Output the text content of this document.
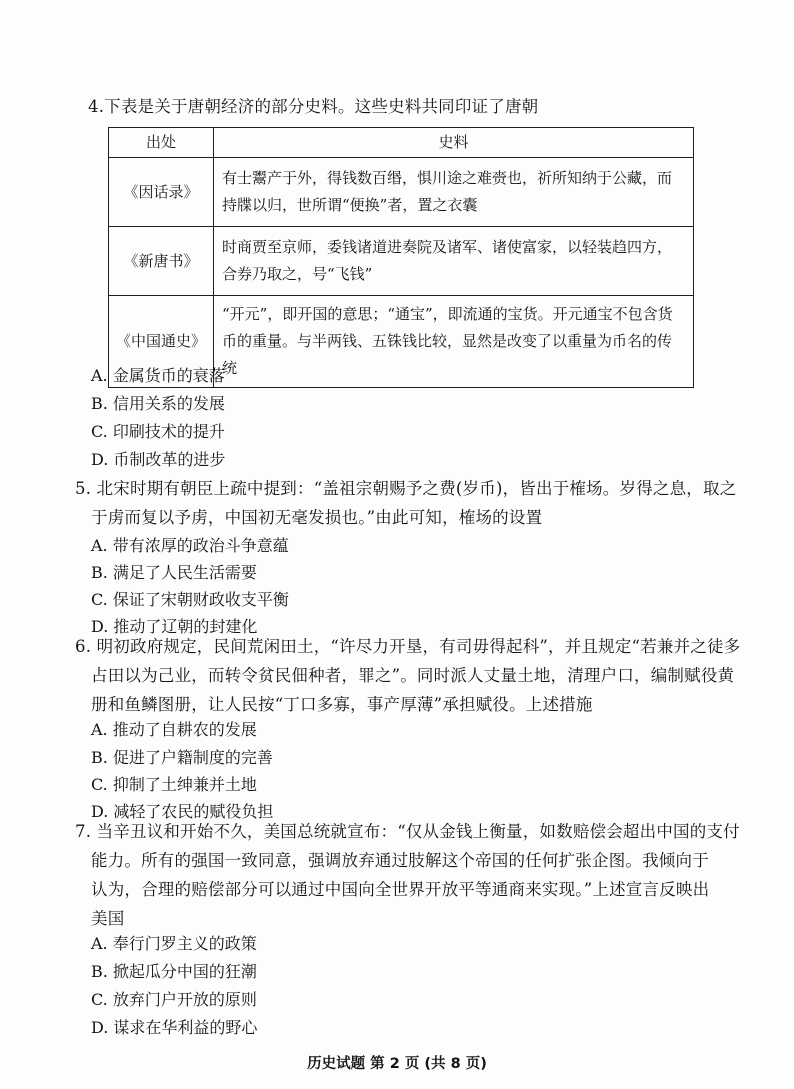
4.下表是关于唐朝经济的部分史料。这些史料共同印证了唐朝
出处	史料
《因话录》	有士鬻产于外，得钱数百缗，惧川途之难赍也，祈所知纳于公藏，而持牒以归，世所谓“便换”者，置之衣囊
《新唐书》	时商贾至京师，委钱诸道进奏院及诸军、诸使富家，以轻装趋四方，合券乃取之，号“飞钱”
《中国通史》	“开元”，即开国的意思；“通宝”，即流通的宝货。开元通宝不包含货币的重量。与半两钱、五铢钱比较，显然是改变了以重量为币名的传统
A. 金属货币的衰落
B. 信用关系的发展
C. 印刷技术的提升
D. 币制改革的进步
5. 北宋时期有朝臣上疏中提到：“盖祖宗朝赐予之费(岁币)，皆出于榷场。岁得之息，取之
于虏而复以予虏，中国初无毫发损也。”由此可知，榷场的设置
A. 带有浓厚的政治斗争意蕴
B. 满足了人民生活需要
C. 保证了宋朝财政收支平衡
D. 推动了辽朝的封建化
6. 明初政府规定，民间荒闲田土，“许尽力开垦，有司毋得起科”，并且规定“若兼并之徒多
占田以为己业，而转令贫民佃种者，罪之”。同时派人丈量土地，清理户口，编制赋役黄
册和鱼鳞图册，让人民按“丁口多寡，事产厚薄”承担赋役。上述措施
A. 推动了自耕农的发展
B. 促进了户籍制度的完善
C. 抑制了土绅兼并土地
D. 减轻了农民的赋役负担
7. 当辛丑议和开始不久，美国总统就宣布：“仅从金钱上衡量，如数赔偿会超出中国的支付
能力。所有的强国一致同意，强调放弃通过肢解这个帝国的任何扩张企图。我倾向于
认为，合理的赔偿部分可以通过中国向全世界开放平等通商来实现。”上述宣言反映出
美国
A. 奉行门罗主义的政策
B. 掀起瓜分中国的狂潮
C. 放弃门户开放的原则
D. 谋求在华利益的野心
历史试题 第 2 页 (共 8 页)
